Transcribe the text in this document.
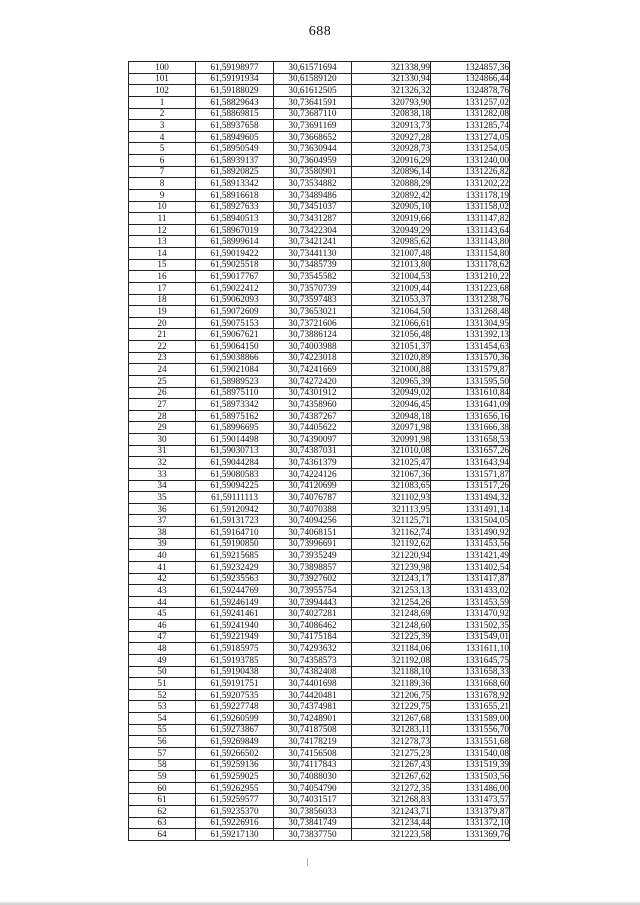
688
100	61,59198977	30,61571694	321338,99	1324857,36
101	61,59191934	30,61589120	321330,94	1324866,44
102	61,59188029	30,61612505	321326,32	1324878,76
1	61,58829643	30,73641591	320793,90	1331257,02
2	61,58869815	30,73687110	320838,18	1331282,08
3	61,58937658	30,73691169	320913,73	1331285,74
4	61,58949605	30,73668652	320927,28	1331274,05
5	61,58950549	30,73630944	320928,73	1331254,05
6	61,58939137	30,73604959	320916,29	1331240,00
7	61,58920825	30,73580901	320896,14	1331226,82
8	61,58913342	30,73534882	320888,29	1331202,22
9	61,58916618	30,73489486	320892,42	1331178,19
10	61,58927633	30,73451037	320905,10	1331158,02
11	61,58940513	30,73431287	320919,66	1331147,82
12	61,58967019	30,73422304	320949,29	1331143,64
13	61,58999614	30,73421241	320985,62	1331143,80
14	61,59019422	30,73441130	321007,48	1331154,80
15	61,59025518	30,73485739	321013,80	1331178,62
16	61,59017767	30,73545582	321004,53	1331210,22
17	61,59022412	30,73570739	321009,44	1331223,68
18	61,59062093	30,73597483	321053,37	1331238,76
19	61,59072609	30,73653021	321064,50	1331268,48
20	61,59075153	30,73721606	321066,61	1331304,95
21	61,59067621	30,73886124	321056,48	1331392,13
22	61,59064150	30,74003988	321051,37	1331454,63
23	61,59038866	30,74223018	321020,89	1331570,36
24	61,59021084	30,74241669	321000,88	1331579,87
25	61,58989523	30,74272420	320965,39	1331595,50
26	61,58975110	30,74301912	320949,02	1331610,84
27	61,58973342	30,74358960	320946,45	1331641,09
28	61,58975162	30,74387267	320948,18	1331656,16
29	61,58996695	30,74405622	320971,98	1331666,38
30	61,59014498	30,74390097	320991,98	1331658,53
31	61,59030713	30,74387031	321010,08	1331657,26
32	61,59044284	30,74361379	321025,47	1331643,94
33	61,59080583	30,74224126	321067,36	1331571,87
34	61,59094225	30,74120699	321083,65	1331517,26
35	61,59111113	30,74076787	321102,93	1331494,32
36	61,59120942	30,74070388	321113,95	1331491,14
37	61,59131723	30,74094256	321125,71	1331504,05
38	61,59164710	30,74068151	321162,74	1331490,92
39	61,59190850	30,73996691	321192,62	1331453,56
40	61,59215685	30,73935249	321220,94	1331421,49
41	61,59232429	30,73898857	321239,98	1331402,54
42	61,59235563	30,73927602	321243,17	1331417,87
43	61,59244769	30,73955754	321253,13	1331433,02
44	61,59246149	30,73994443	321254,26	1331453,59
45	61,59241461	30,74027281	321248,69	1331470,92
46	61,59241940	30,74086462	321248,60	1331502,35
47	61,59221949	30,74175184	321225,39	1331549,01
48	61,59185975	30,74293632	321184,06	1331611,10
49	61,59193785	30,74358573	321192,08	1331645,75
50	61,59190438	30,74382408	321188,10	1331658,33
51	61,59191751	30,74401698	321189,36	1331668,60
52	61,59207535	30,74420481	321206,75	1331678,92
53	61,59227748	30,74374981	321229,75	1331655,21
54	61,59260599	30,74248901	321267,68	1331589,00
55	61,59273867	30,74187508	321283,11	1331556,70
56	61,59269849	30,74178219	321278,73	1331551,68
57	61,59266502	30,74156508	321275,23	1331540,08
58	61,59259136	30,74117843	321267,43	1331519,39
59	61,59259025	30,74088030	321267,62	1331503,56
60	61,59262955	30,74054790	321272,35	1331486,00
61	61,59259577	30,74031517	321268,83	1331473,57
62	61,59235370	30,73856033	321243,71	1331379,87
63	61,59226916	30,73841749	321234,44	1331372,10
64	61,59217130	30,73837750	321223,58	1331369,76
